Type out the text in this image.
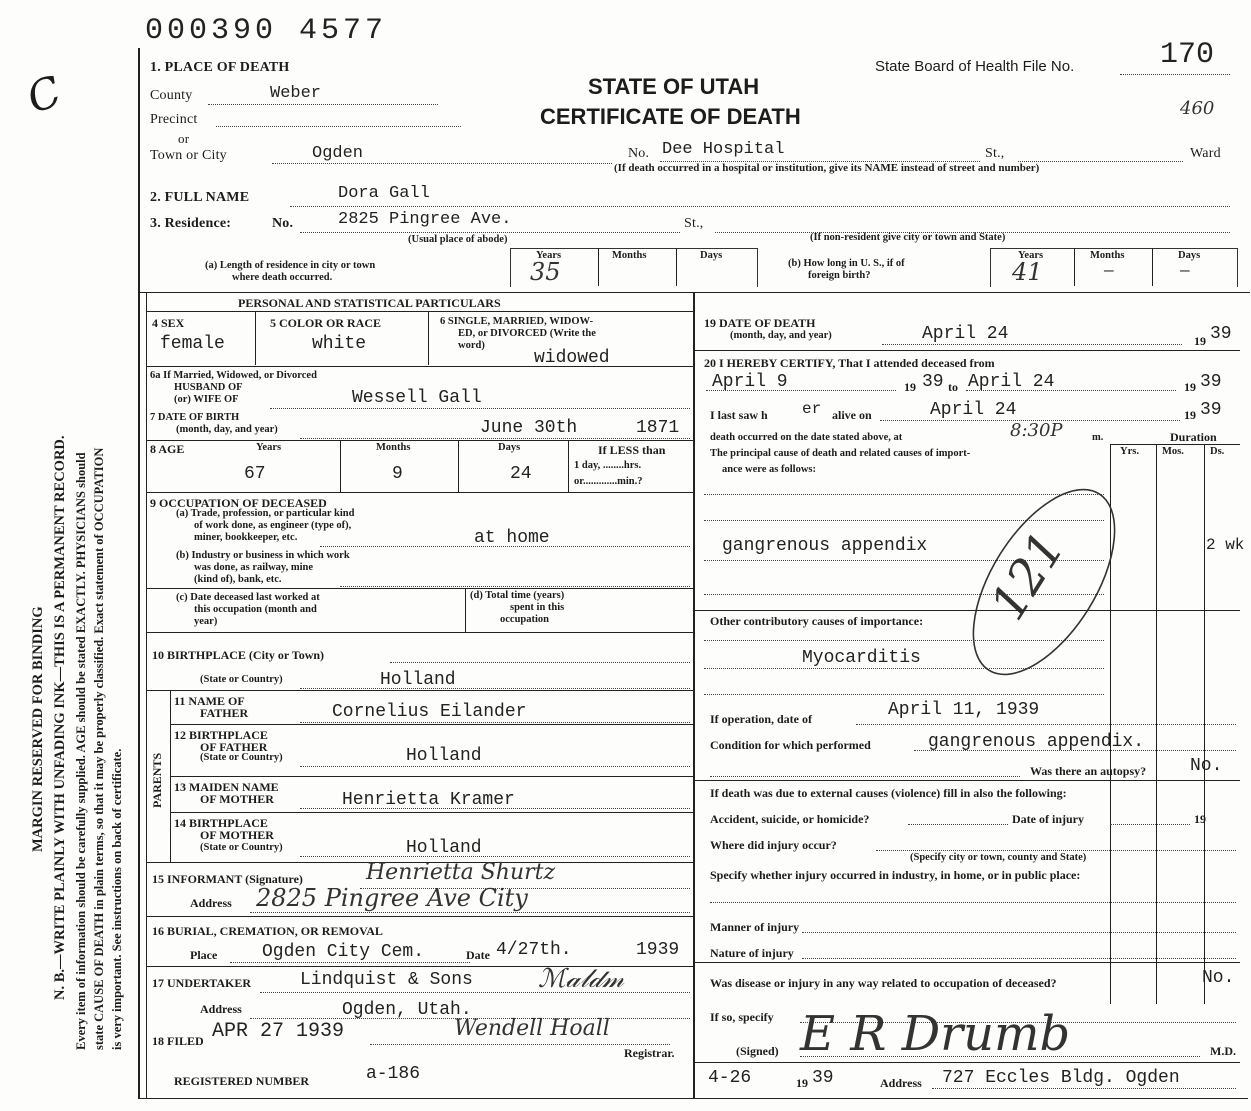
000390 4577
C
MARGIN RESERVED FOR BINDING N. B.—WRITE PLAINLY WITH UNFADING INK—THIS IS A PERMANENT RECORD. Every item of information should be carefully supplied. AGE should be stated EXACTLY. PHYSICIANS should state CAUSE OF DEATH in plain terms, so that it may be properly classified. Exact statement of OCCUPATION is very important. See instructions on back of certificate.
1. PLACE OF DEATH
STATE OF UTAH
CERTIFICATE OF DEATH
State Board of Health File No.	170
460
County	Weber
Precinct
or
Town or City	Ogden	No. Dee Hospital	St.,	Ward
(If death occurred in a hospital or institution, give its NAME instead of street and number)
2. FULL NAME	Dora Gall
3. Residence:	No.	2825 Pingree Ave.	St.,
(Usual place of abode)	(If non-resident give city or town and State)
(a) Length of residence in city or town
where death occurred.
Years	Months	Days
35	(b) How long in U. S., if of
foreign birth?
Years	Months	Days
41	—	—
PERSONAL AND STATISTICAL PARTICULARS
4 SEX
female
5 COLOR OR RACE
white
6 SINGLE, MARRIED, WIDOW-
ED, or DIVORCED (Write the
word)
widowed
6a If Married, Widowed, or Divorced
HUSBAND OF
(or) WIFE OF	Wessell Gall
7 DATE OF BIRTH
(month, day, and year)	June 30th	1871
8 AGE	Years	Months	Days
67	9	24
If LESS than
1 day, ........hrs.
or.............min.?
9 OCCUPATION OF DECEASED
(a) Trade, profession, or particular kind
of work done, as engineer (type of),
miner, bookkeeper, etc.	at home
(b) Industry or business in which work
was done, as railway, mine
(kind of), bank, etc.
(c) Date deceased last worked at
this occupation (month and
year)
(d) Total time (years)
spent in this
occupation
10 BIRTHPLACE (City or Town)
(State or Country)	Holland
PARENTS
11 NAME OF
FATHER	Cornelius Eilander
12 BIRTHPLACE
OF FATHER
(State or Country)	Holland
13 MAIDEN NAME
OF MOTHER	Henrietta Kramer
14 BIRTHPLACE
OF MOTHER
(State or Country)	Holland
15 INFORMANT (Signature)	Henrietta Shurtz
Address 2825 Pingree Ave City
16 BURIAL, CREMATION, OR REMOVAL
Place Ogden City Cem.	Date 4/27th.	1939
17 UNDERTAKER	Lindquist & Sons	ℳ𝒶𝓁𝒹𝓂
Address	Ogden, Utah.
18 FILED APR 27 1939	Wendell Hoall
Registrar.
REGISTERED NUMBER	a-186
19 DATE OF DEATH
(month, day, and year)	April 24	19 39
20 I HEREBY CERTIFY, That I attended deceased from
April 9	19 39 to April 24	19 39
I last saw h er alive on	April 24	19 39
death occurred on the date stated above, at	8:30P	m.	Duration
Yrs. Mos. Ds.
The principal cause of death and related causes of import-
ance were as follows:
gangrenous appendix	2 wk
121
Other contributory causes of importance:
Myocarditis
If operation, date of	April 11, 1939
Condition for which performed	gangrenous appendix.
Was there an autopsy? No.
If death was due to external causes (violence) fill in also the following:
Accident, suicide, or homicide?	Date of injury	19
Where did injury occur?
(Specify city or town, county and State)
Specify whether injury occurred in industry, in home, or in public place:
Manner of injury
Nature of injury
Was disease or injury in any way related to occupation of deceased?	No.
If so, specify
(Signed) E R Drumb	M.D.
4-26	19 39	Address 727 Eccles Bldg. Ogden
